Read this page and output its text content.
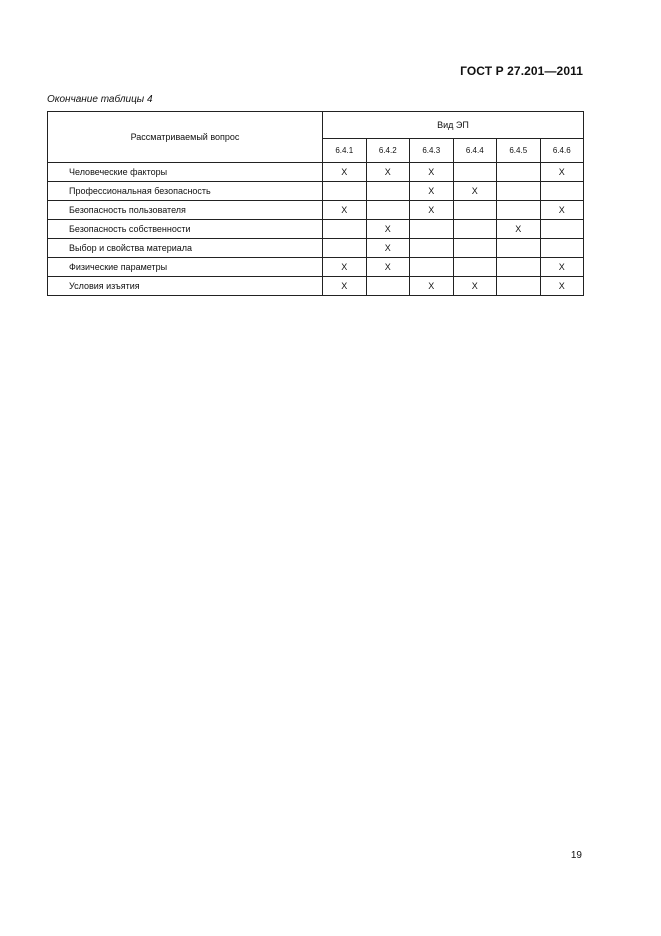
ГОСТ Р 27.201—2011
Окончание таблицы 4
Рассматриваемый вопрос	Вид ЭП					
	6.4.1	6.4.2	6.4.3	6.4.4	6.4.5	6.4.6
Человеческие факторы	X	X	X			X
Профессиональная безопасность			X	X		
Безопасность пользователя	X		X			X
Безопасность собственности		X			X	
Выбор и свойства материала		X				
Физические параметры	X	X				X
Условия изъятия	X		X	X		X
19
